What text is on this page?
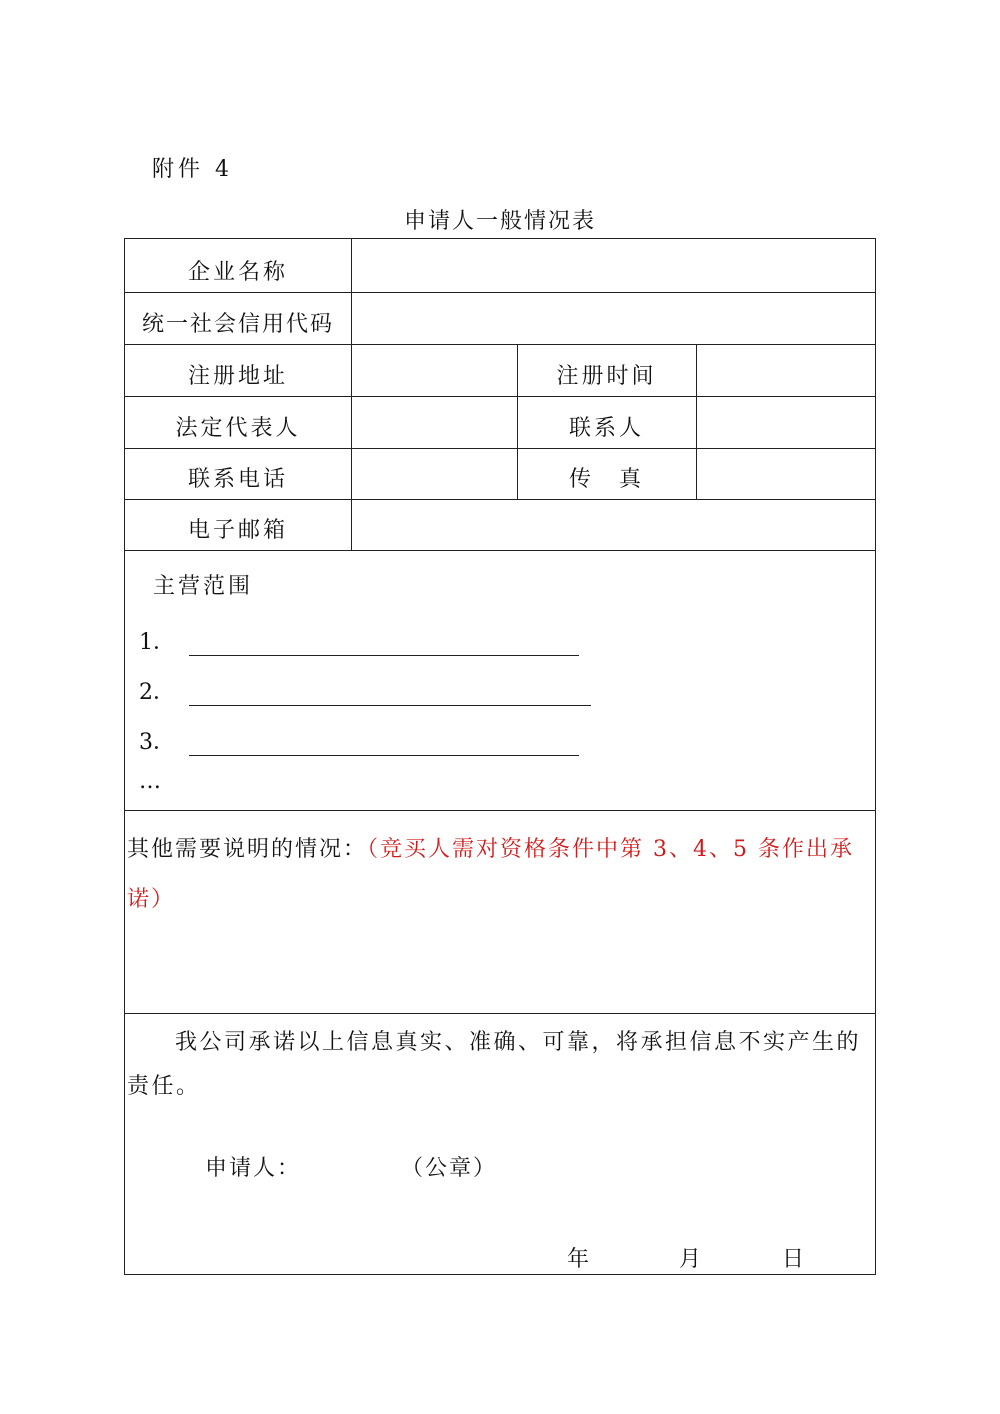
附件 4
申请人一般情况表
企业名称
统一社会信用代码
注册地址	注册时间
法定代表人	联系人
联系电话	传　真
电子邮箱
主营范围
1．
2．
3．
…
其他需要说明的情况：（竞买人需对资格条件中第 3、4、5 条作出承诺）
我公司承诺以上信息真实、准确、可靠，将承担信息不实产生的责任。
申请人：	（公章）
年	月	日
